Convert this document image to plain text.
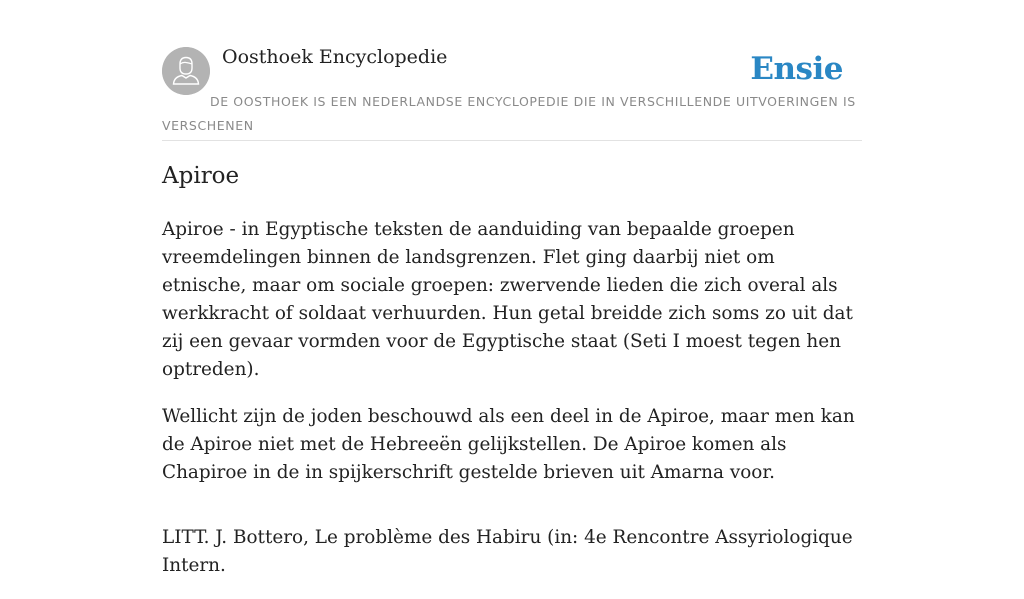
Oosthoek Encyclopedie	Ensie
DE OOSTHOEK IS EEN NEDERLANDSE ENCYCLOPEDIE DIE IN VERSCHILLENDE UITVOERINGEN IS VERSCHENEN
Apiroe

Apiroe - in Egyptische teksten de aanduiding van bepaalde groepen vreemdelingen binnen de landsgrenzen. Flet ging daarbij niet om etnische, maar om sociale groepen: zwervende lieden die zich overal als werkkracht of soldaat verhuurden. Hun getal breidde zich soms zo uit dat zij een gevaar vormden voor de Egyptische staat (Seti I moest tegen hen optreden).

Wellicht zijn de joden beschouwd als een deel in de Apiroe, maar men kan de Apiroe niet met de Hebreeën gelijkstellen. De Apiroe komen als Chapiroe in de in spijkerschrift gestelde brieven uit Amarna voor.

LITT. J. Bottero, Le problème des Habiru (in: 4e Rencontre Assyriologique Intern.
